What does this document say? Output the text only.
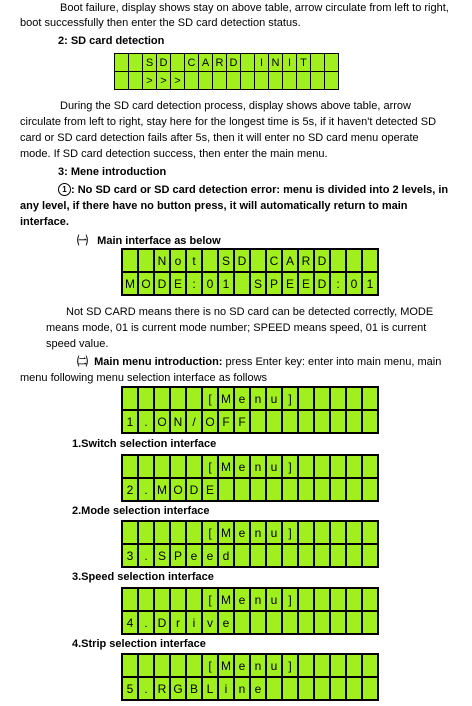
Boot failure, display shows stay on above table, arrow circulate from left to right,

boot successfully then enter the SD card detection status.

2: SD card detection

		S	D		C	A	R	D		I	N	I	T		
		>	>	>											

During the SD card detection process, display shows above table, arrow

circulate from left to right, stay here for the longest time is 5s, if it haven't detected SD

card or SD card detection fails after 5s, then it will enter no SD card menu operate

mode. If SD card detection success, then enter the main menu.

3: Mene introduction

1 : No SD card or SD card detection error: menu is divided into 2 levels, in

any level, if there have no button press, it will automatically return to main

interface.

㈠ Main interface as below

		N	o	t		S	D		C	A	R	D			
M	O	D	E	:	0	1		S	P	E	E	D	:	0	1

Not SD CARD means there is no SD card can be detected correctly, MODE

means mode, 01 is current mode number; SPEED means speed, 01 is current

speed value.

㈡ Main menu introduction: press Enter key: enter into main menu, main

menu following menu selection interface as follows

					[	M	e	n	u	]					
1	.	O	N	/	O	F	F								

1.Switch selection interface

					[	M	e	n	u	]					
2	.	M	O	D	E										

2.Mode selection interface

					[	M	e	n	u	]					
3	.	S	P	e	e	d									

3.Speed selection interface

					[	M	e	n	u	]					
4	.	D	r	i	v	e									

4.Strip selection interface

					[	M	e	n	u	]					
5	.	R	G	B	L	i	n	e							
